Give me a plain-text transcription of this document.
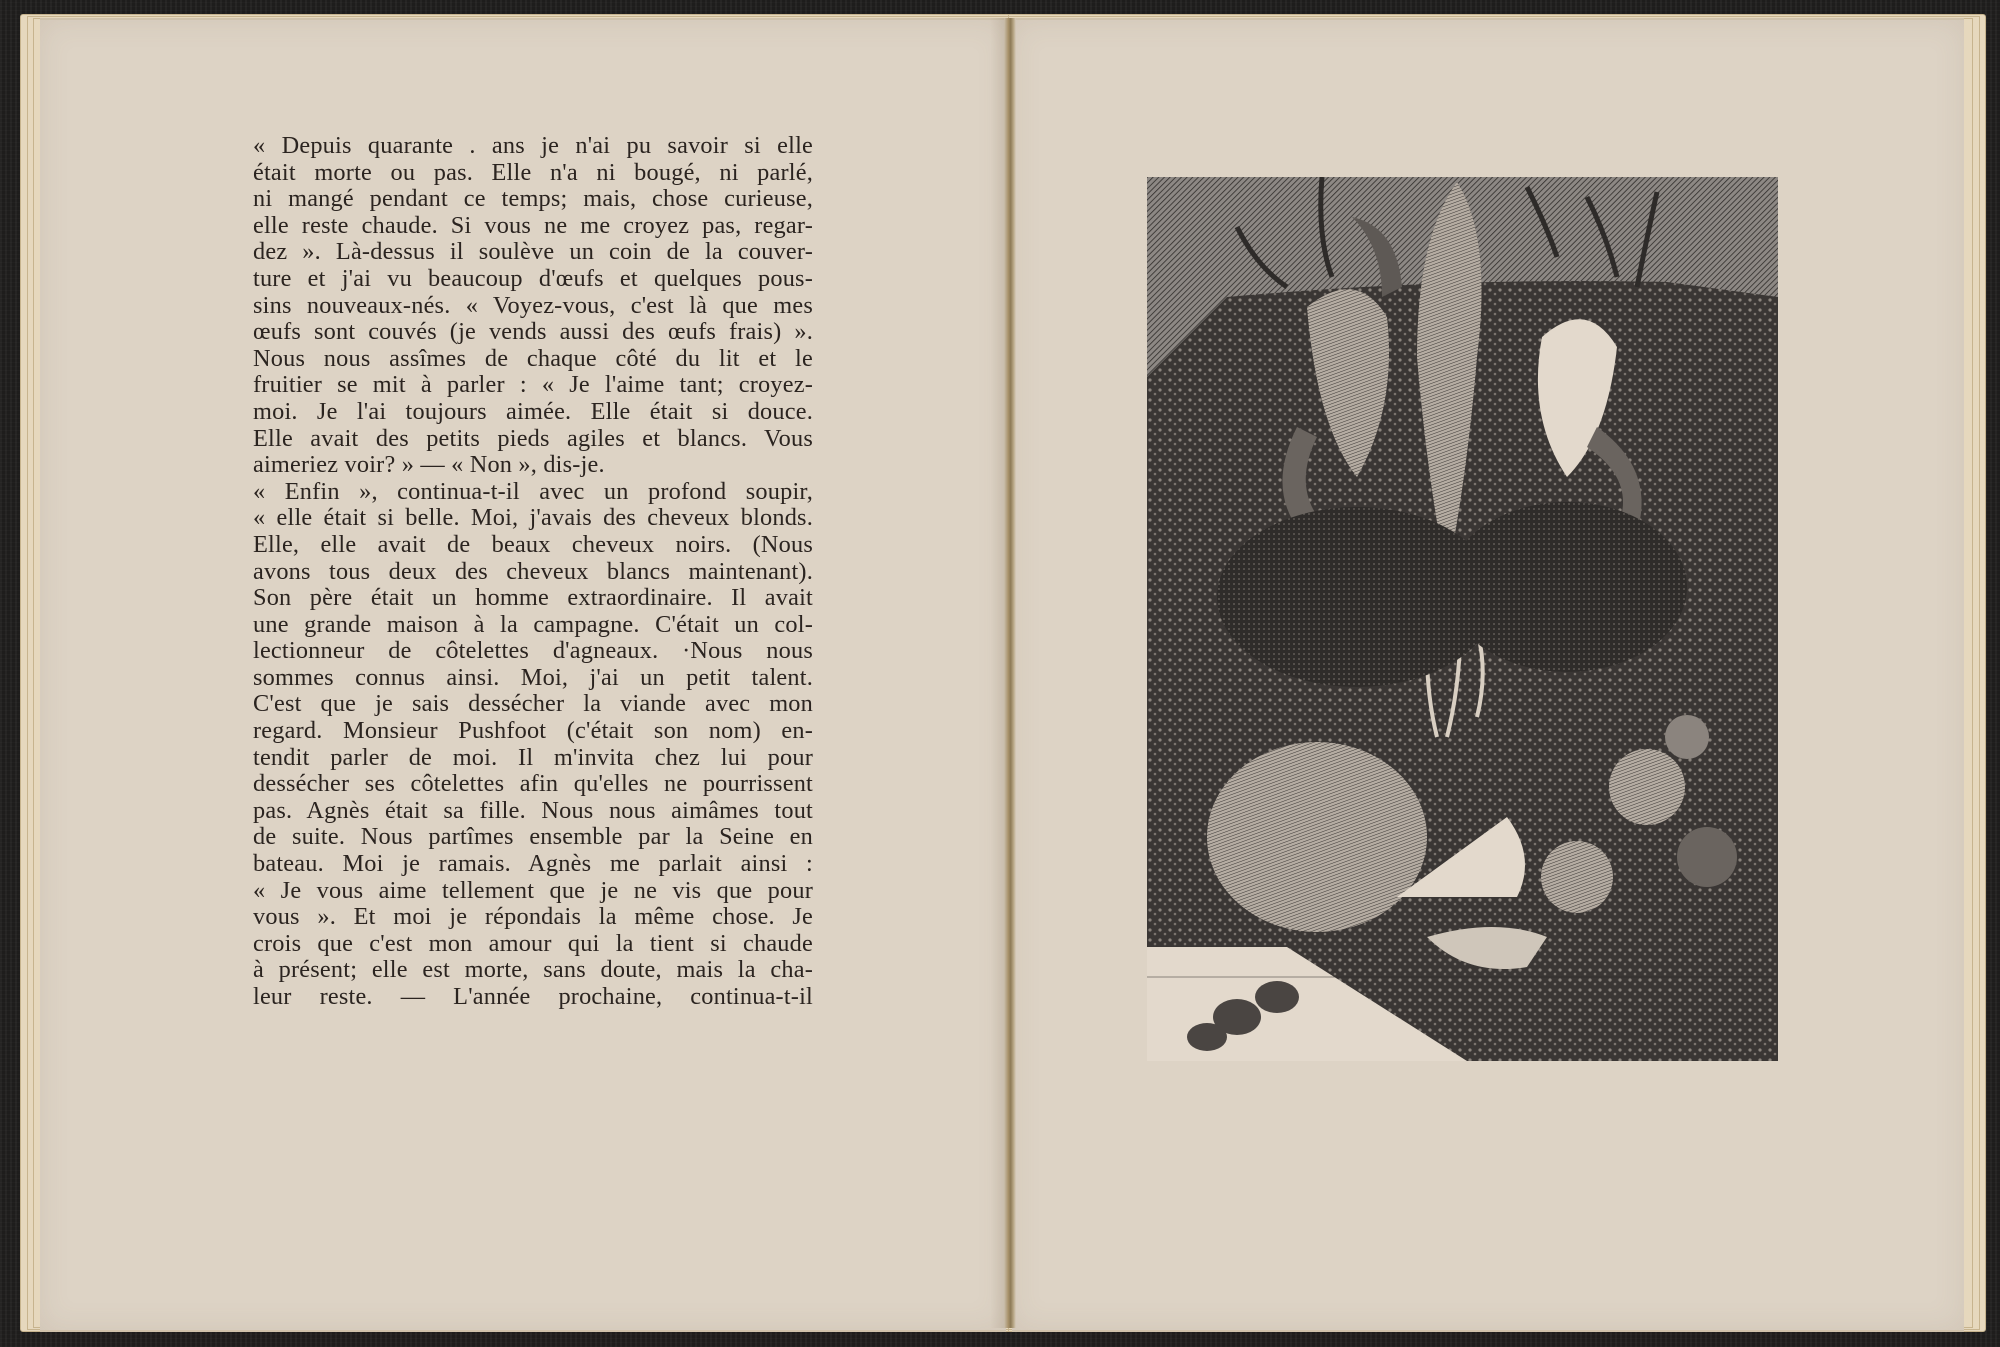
« Depuis quarante . ans je n'ai pu savoir si elle
était morte ou pas. Elle n'a ni bougé, ni parlé,
ni mangé pendant ce temps; mais, chose curieuse,
elle reste chaude. Si vous ne me croyez pas, regar-
dez ». Là-dessus il soulève un coin de la couver-
ture et j'ai vu beaucoup d'œufs et quelques pous-
sins nouveaux-nés. « Voyez-vous, c'est là que mes
œufs sont couvés (je vends aussi des œufs frais) ».
Nous nous assîmes de chaque côté du lit et le
fruitier se mit à parler : « Je l'aime tant; croyez-
moi. Je l'ai toujours aimée. Elle était si douce.
Elle avait des petits pieds agiles et blancs. Vous
aimeriez voir? » — « Non », dis-je.
« Enfin », continua-t-il avec un profond soupir,
« elle était si belle. Moi, j'avais des cheveux blonds.
Elle, elle avait de beaux cheveux noirs. (Nous
avons tous deux des cheveux blancs maintenant).
Son père était un homme extraordinaire. Il avait
une grande maison à la campagne. C'était un col-
lectionneur de côtelettes d'agneaux. ·Nous nous
sommes connus ainsi. Moi, j'ai un petit talent.
C'est que je sais dessécher la viande avec mon
regard. Monsieur Pushfoot (c'était son nom) en-
tendit parler de moi. Il m'invita chez lui pour
dessécher ses côtelettes afin qu'elles ne pourrissent
pas. Agnès était sa fille. Nous nous aimâmes tout
de suite. Nous partîmes ensemble par la Seine en
bateau. Moi je ramais. Agnès me parlait ainsi :
« Je vous aime tellement que je ne vis que pour
vous ». Et moi je répondais la même chose. Je
crois que c'est mon amour qui la tient si chaude
à présent; elle est morte, sans doute, mais la cha-
leur reste. — L'année prochaine, continua-t-il
